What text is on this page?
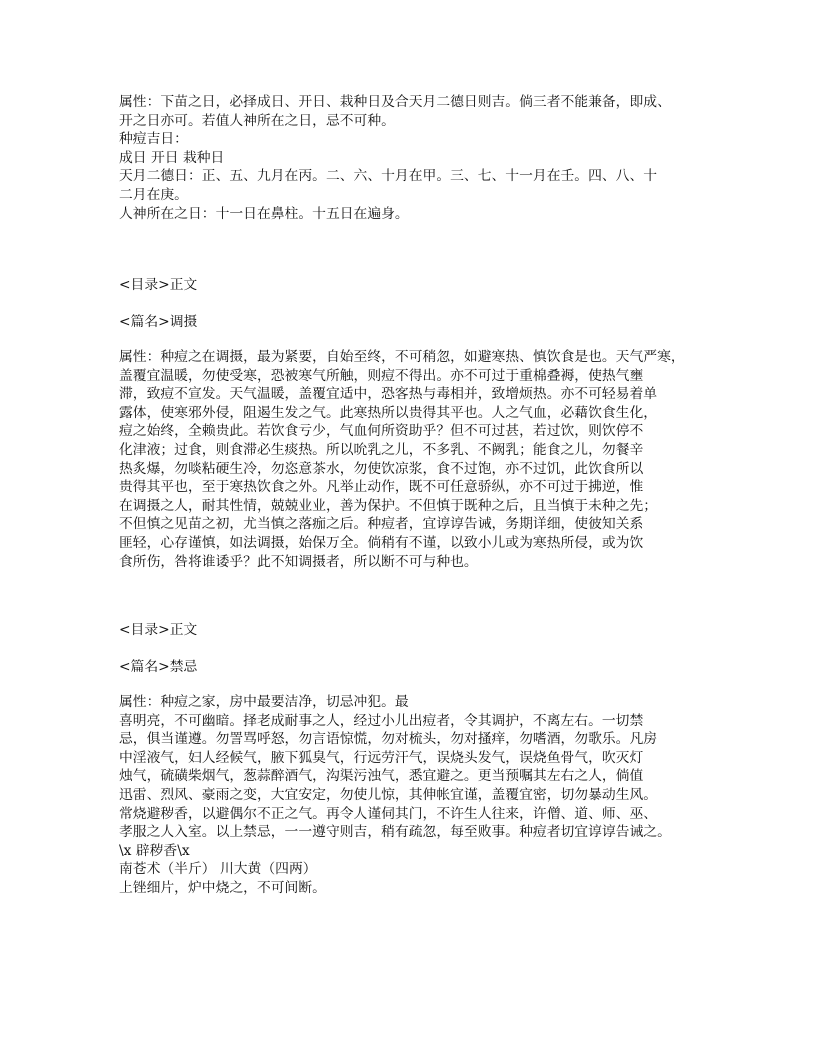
属性：下苗之日，必择成日、开日、栽种日及合天月二德日则吉。倘三者不能兼备，即成、
开之日亦可。若值人神所在之日，忌不可种。
种痘吉日：
成日 开日 栽种日
天月二德日：正、五、九月在丙。二、六、十月在甲。三、七、十一月在壬。四、八、十
二月在庚。
人神所在之日：十一日在鼻柱。十五日在遍身。
<目录>正文
<篇名>调摄
属性：种痘之在调摄，最为紧要，自始至终，不可稍忽，如避寒热、慎饮食是也。天气严寒，
盖覆宜温暖，勿使受寒，恐被寒气所触，则痘不得出。亦不可过于重棉叠褥，使热气壅
滞，致痘不宣发。天气温暖，盖覆宜适中，恐客热与毒相并，致增烦热。亦不可轻易着单
露体，使寒邪外侵，阻遏生发之气。此寒热所以贵得其平也。人之气血，必藉饮食生化，
痘之始终，全赖贵此。若饮食亏少，气血何所资助乎？但不可过甚，若过饮，则饮停不
化津液；过食，则食滞必生痰热。所以吮乳之儿，不多乳、不阙乳；能食之儿，勿餐辛
热炙爆，勿啖粘硬生冷，勿恣意茶水，勿使饮凉浆，食不过饱，亦不过饥，此饮食所以
贵得其平也，至于寒热饮食之外。凡举止动作，既不可任意骄纵，亦不可过于拂逆，惟
在调摄之人，耐其性情，兢兢业业，善为保护。不但慎于既种之后，且当慎于未种之先；
不但慎之见苗之初，尤当慎之落痂之后。种痘者，宜谆谆告诫，务期详细，使彼知关系
匪轻，心存谨慎，如法调摄，始保万全。倘稍有不谨，以致小儿或为寒热所侵，或为饮
食所伤，咎将谁诿乎？此不知调摄者，所以断不可与种也。
<目录>正文
<篇名>禁忌
属性：种痘之家，房中最要洁净，切忌冲犯。最
喜明亮，不可幽暗。择老成耐事之人，经过小儿出痘者，令其调护，不离左右。一切禁
忌，俱当谨遵。勿詈骂呼怒，勿言语惊慌，勿对梳头，勿对搔痒，勿嗜酒，勿歌乐。凡房
中淫液气，妇人经候气，腋下狐臭气，行远劳汗气，误烧头发气，误烧鱼骨气，吹灭灯
烛气，硫磺柴烟气，葱蒜醉酒气，沟渠污浊气，悉宜避之。更当预嘱其左右之人，倘值
迅雷、烈风、豪雨之变，大宜安定，勿使儿惊，其伸帐宜谨，盖覆宜密，切勿暴动生风。
常烧避秽香，以避偶尔不正之气。再令人谨伺其门，不许生人往来，许僧、道、师、巫、
孝服之人入室。以上禁忌，一一遵守则吉，稍有疏忽，每至败事。种痘者切宜谆谆告诫之。
\x 辟秽香\x
南苍术（半斤） 川大黄（四两）
上锉细片，炉中烧之，不可间断。
